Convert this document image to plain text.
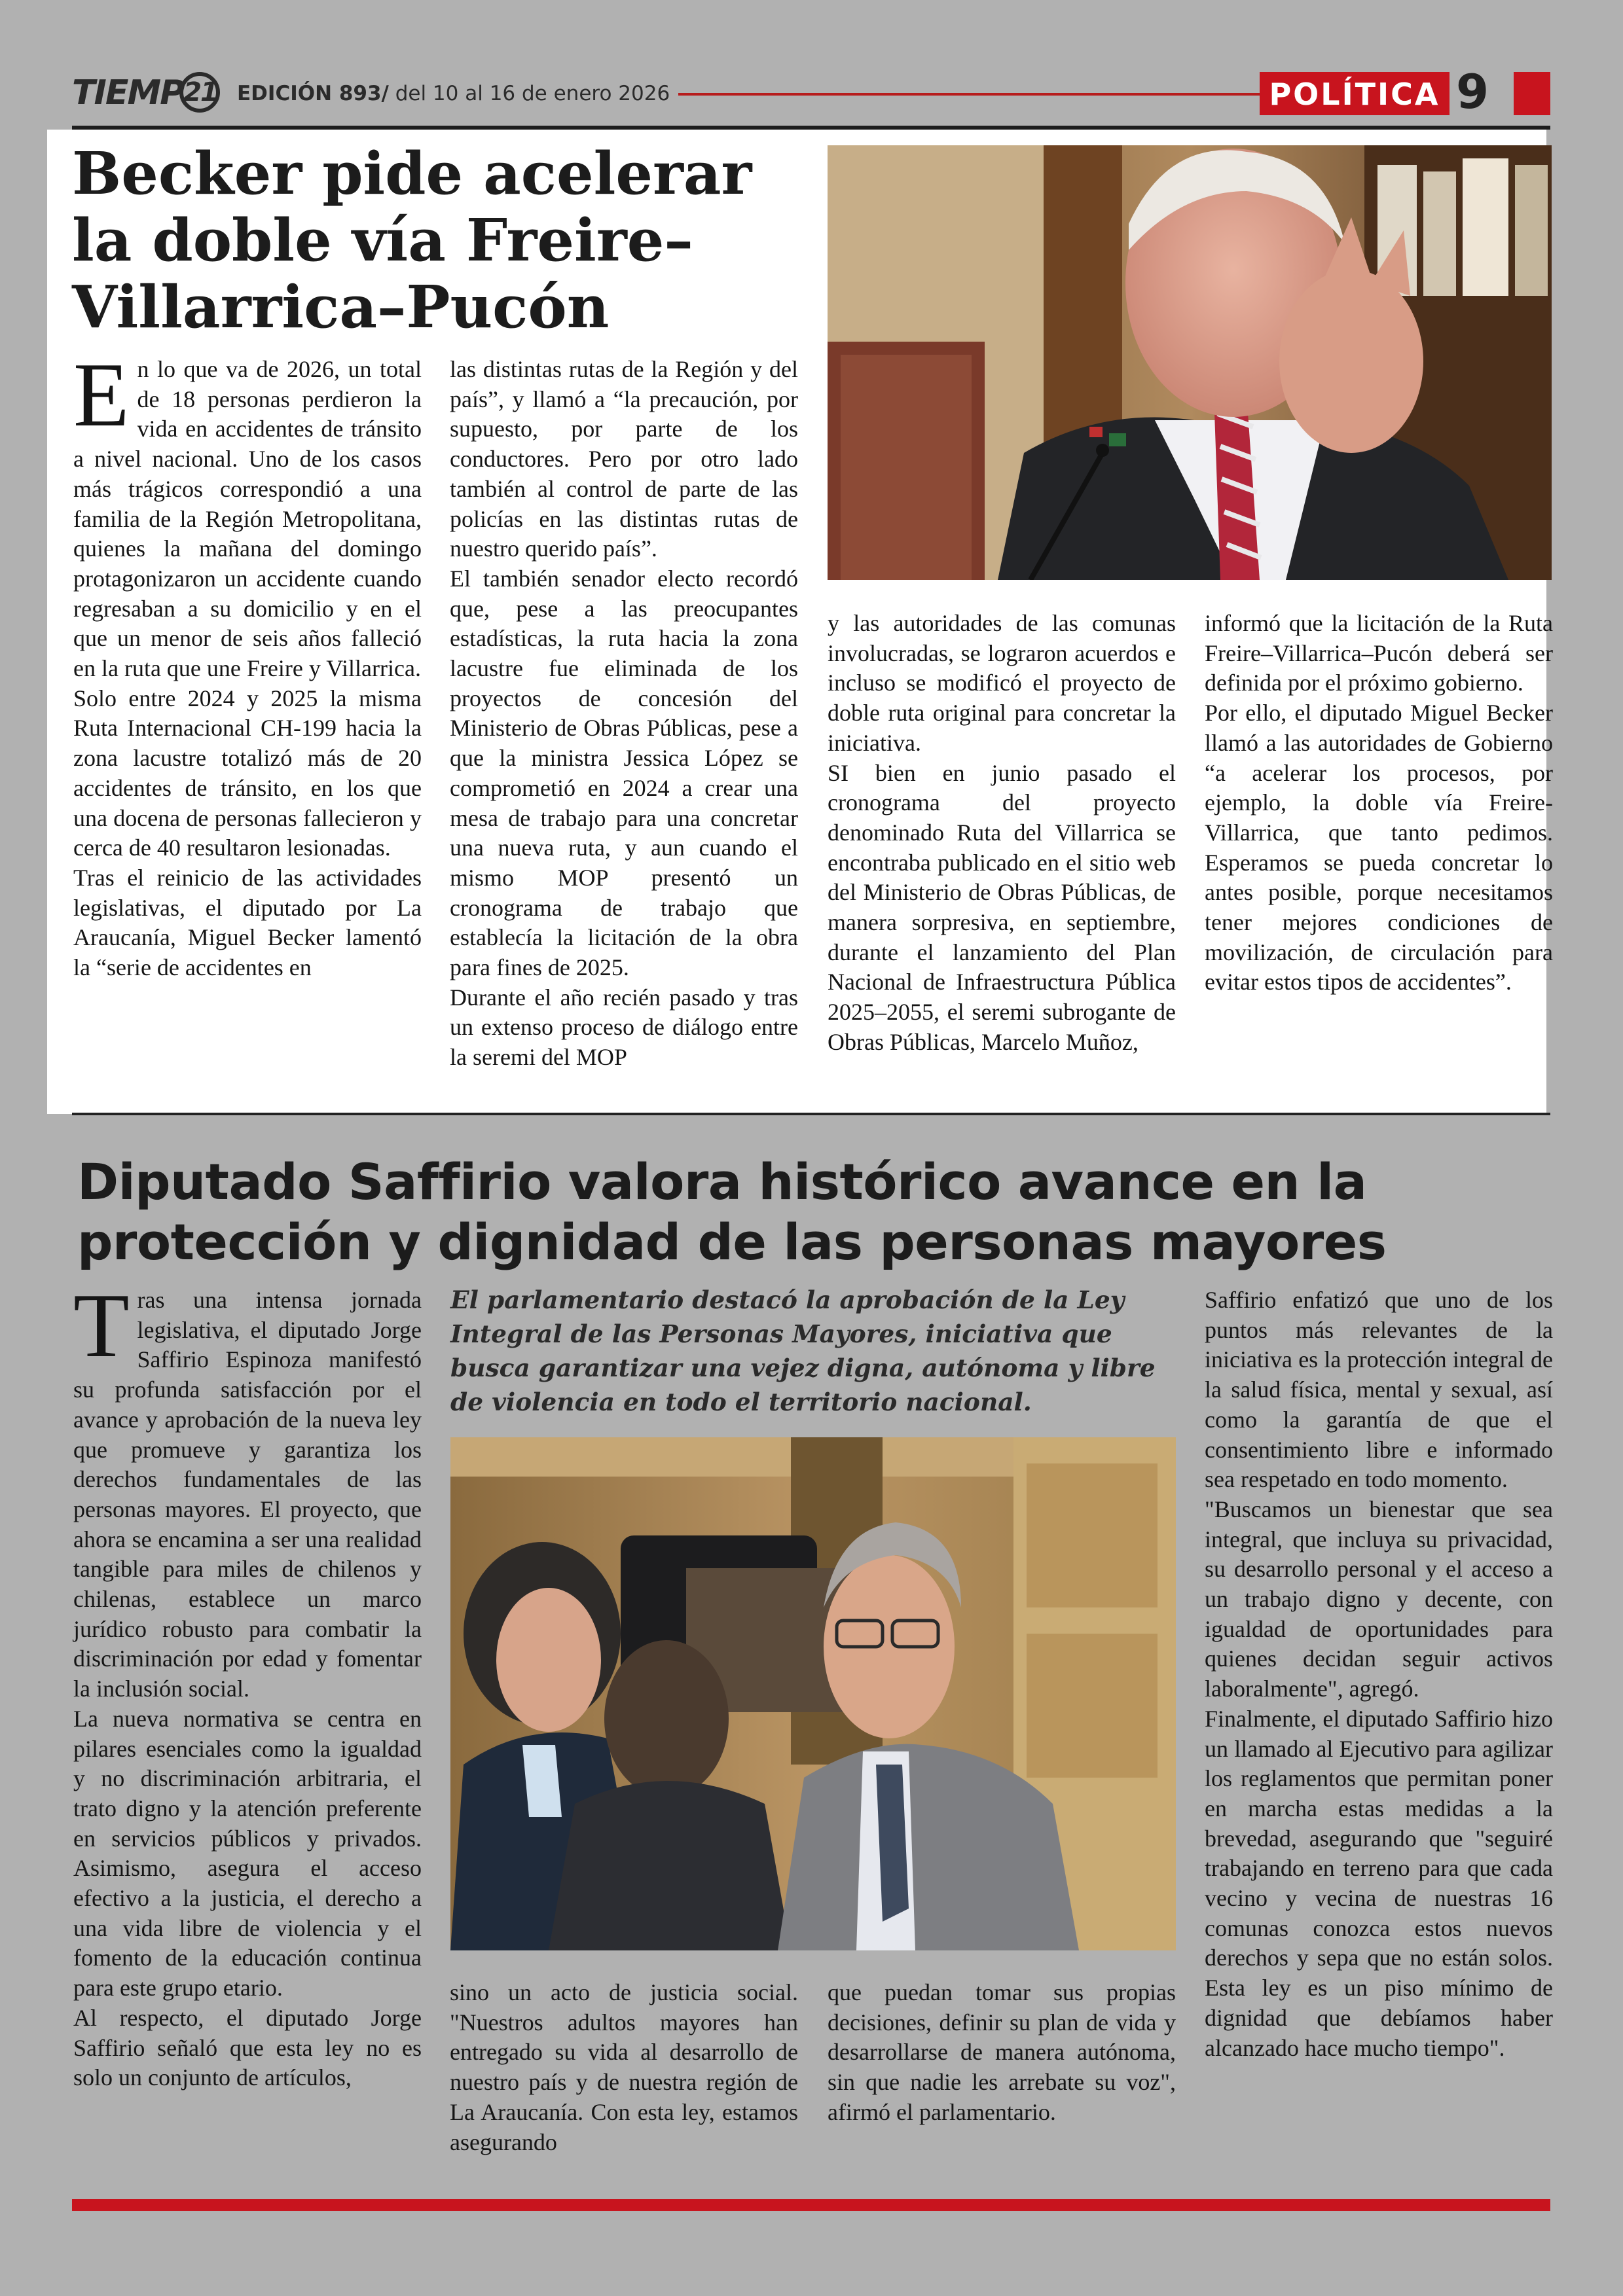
TIEMP21 EDICIÓN 893/ del 10 al 16 de enero 2026	POLÍTICA 9
Becker pide acelerar la doble vía Freire–Villarrica–Pucón

En lo que va de 2026, un total de 18 personas perdieron la vida en accidentes de tránsito a nivel nacional. Uno de los casos más trágicos correspondió a una familia de la Región Metropolitana, quienes la mañana del domingo protagonizaron un accidente cuando regresaban a su domicilio y en el que un menor de seis años falleció en la ruta que une Freire y Villarrica.

Solo entre 2024 y 2025 la misma Ruta Internacional CH-199 hacia la zona lacustre totalizó más de 20 accidentes de tránsito, en los que una docena de personas fallecieron y cerca de 40 resultaron lesionadas.

Tras el reinicio de las actividades legislativas, el diputado por La Araucanía, Miguel Becker lamentó la “serie de accidentes en

las distintas rutas de la Región y del país”, y llamó a “la precaución, por supuesto, por parte de los conductores. Pero por otro lado también al control de parte de las policías en las distintas rutas de nuestro querido país”.

El también senador electo recordó que, pese a las preocupantes estadísticas, la ruta hacia la zona lacustre fue eliminada de los proyectos de concesión del Ministerio de Obras Públicas, pese a que la ministra Jessica López se comprometió en 2024 a crear una mesa de trabajo para una concretar una nueva ruta, y aun cuando el mismo MOP presentó un cronograma de trabajo que establecía la licitación de la obra para fines de 2025.

Durante el año recién pasado y tras un extenso proceso de diálogo entre la seremi del MOP

y las autoridades de las comunas involucradas, se lograron acuerdos e incluso se modificó el proyecto de doble ruta original para concretar la iniciativa.

SI bien en junio pasado el cronograma del proyecto denominado Ruta del Villarrica se encontraba publicado en el sitio web del Ministerio de Obras Públicas, de manera sorpresiva, en septiembre, durante el lanzamiento del Plan Nacional de Infraestructura Pública 2025–2055, el seremi subrogante de Obras Públicas, Marcelo Muñoz,

informó que la licitación de la Ruta Freire–Villarrica–Pucón deberá ser definida por el próximo gobierno.

Por ello, el diputado Miguel Becker llamó a las autoridades de Gobierno “a acelerar los procesos, por ejemplo, la doble vía Freire-Villarrica, que tanto pedimos. Esperamos se pueda concretar lo antes posible, porque necesitamos tener mejores condiciones de movilización, de circulación para evitar estos tipos de accidentes”.

Diputado Saffirio valora histórico avance en la protección y dignidad de las personas mayores

Tras una intensa jornada legislativa, el diputado Jorge Saffirio Espinoza manifestó su profunda satisfacción por el avance y aprobación de la nueva ley que promueve y garantiza los derechos fundamentales de las personas mayores. El proyecto, que ahora se encamina a ser una realidad tangible para miles de chilenos y chilenas, establece un marco jurídico robusto para combatir la discriminación por edad y fomentar la inclusión social.

La nueva normativa se centra en pilares esenciales como la igualdad y no discriminación arbitraria, el trato digno y la atención preferente en servicios públicos y privados. Asimismo, asegura el acceso efectivo a la justicia, el derecho a una vida libre de violencia y el fomento de la educación continua para este grupo etario.

Al respecto, el diputado Jorge Saffirio señaló que esta ley no es solo un conjunto de artículos,

El parlamentario destacó la aprobación de la Ley Integral de las Personas Mayores, iniciativa que busca garantizar una vejez digna, autónoma y libre de violencia en todo el territorio nacional.

sino un acto de justicia social. "Nuestros adultos mayores han entregado su vida al desarrollo de nuestro país y de nuestra región de La Araucanía. Con esta ley, estamos asegurando

que puedan tomar sus propias decisiones, definir su plan de vida y desarrollarse de manera autónoma, sin que nadie les arrebate su voz", afirmó el parlamentario.

Saffirio enfatizó que uno de los puntos más relevantes de la iniciativa es la protección integral de la salud física, mental y sexual, así como la garantía de que el consentimiento libre e informado sea respetado en todo momento.

"Buscamos un bienestar que sea integral, que incluya su privacidad, su desarrollo personal y el acceso a un trabajo digno y decente, con igualdad de oportunidades para quienes decidan seguir activos laboralmente", agregó.

Finalmente, el diputado Saffirio hizo un llamado al Ejecutivo para agilizar los reglamentos que permitan poner en marcha estas medidas a la brevedad, asegurando que "seguiré trabajando en terreno para que cada vecino y vecina de nuestras 16 comunas conozca estos nuevos derechos y sepa que no están solos. Esta ley es un piso mínimo de dignidad que debíamos haber alcanzado hace mucho tiempo".
